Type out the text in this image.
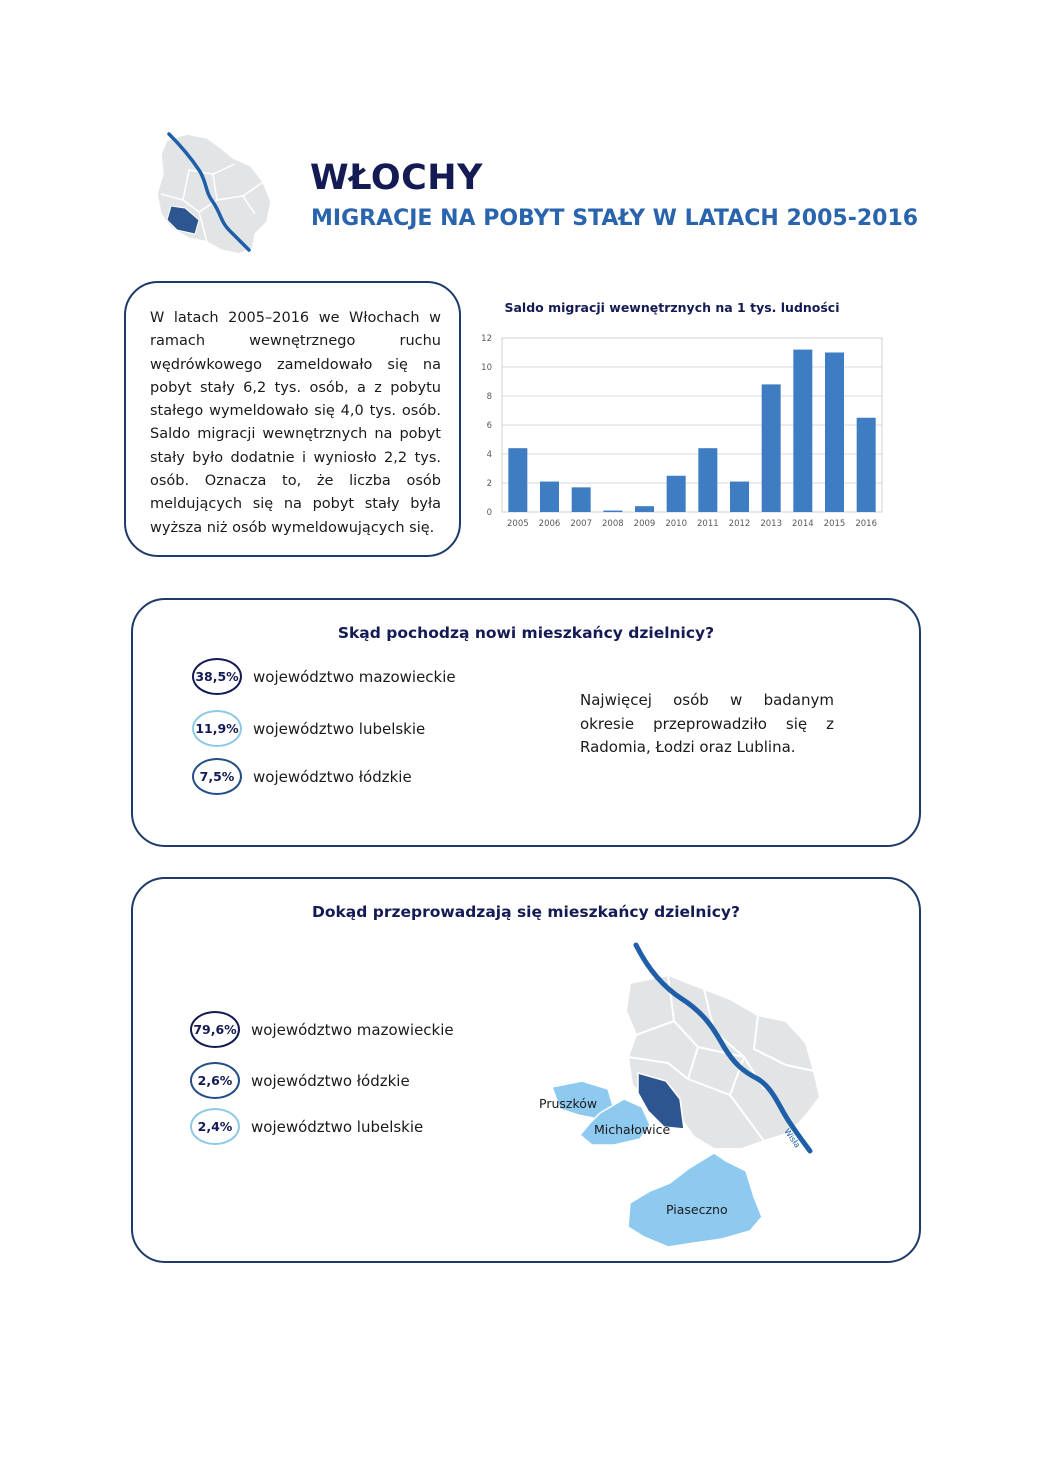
WŁOCHY
MIGRACJE NA POBYT STAŁY W LATACH 2005-2016

W latach 2005–2016 we Włochach w ramach wewnętrznego ruchu wędrówkowego zameldowało się na pobyt stały 6,2 tys. osób, a z pobytu stałego wymeldowało się 4,0 tys. osób. Saldo migracji wewnętrznych na pobyt stały było dodatnie i wyniosło 2,2 tys. osób. Oznacza to, że liczba osób meldujących się na pobyt stały była wyższa niż osób wymeldowujących się.

Saldo migracji wewnętrznych na 1 tys. ludności
0
2
4
6
8
10
12
2005 2006 2007 2008 2009 2010 2011 2012 2013 2014 2015 2016
Skąd pochodzą nowi mieszkańcy dzielnicy?
38,5% województwo mazowieckie
11,9% województwo lubelskie
7,5%	województwo łódzkie

Najwięcej osób w badanym okresie przeprowadziło się z Radomia, Łodzi oraz Lublina.

Dokąd przeprowadzają się mieszkańcy dzielnicy?
79,6% województwo mazowieckie
2,6%	województwo łódzkie
2,4%	województwo lubelskie
Pruszków
Michałowice
Piaseczno
Wisła
